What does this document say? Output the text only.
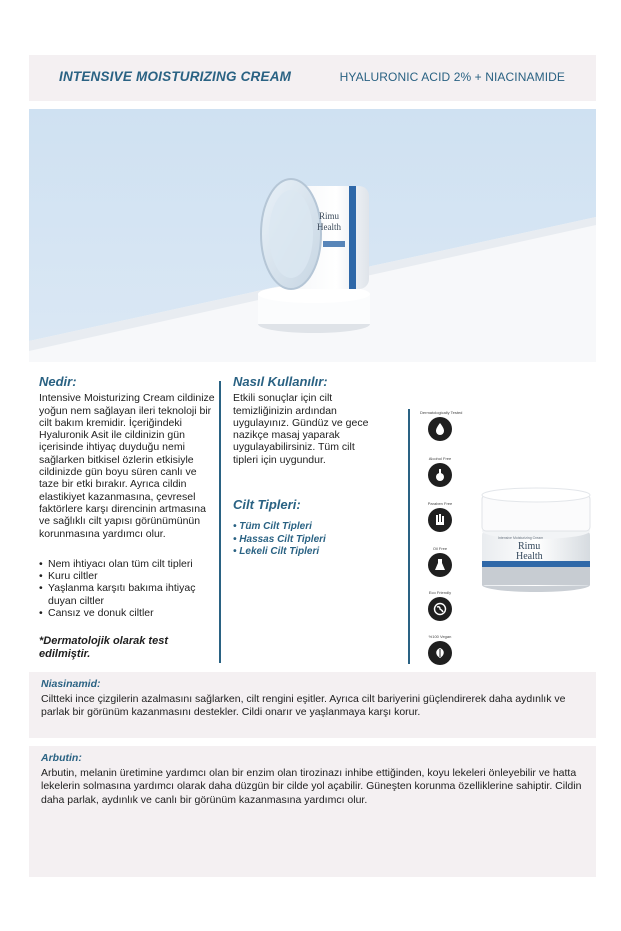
INTENSIVE MOISTURIZING CREAM	HYALURONIC ACID 2% + NIACINAMIDE
Rimu
Health
Nedir:
Intensive Moisturizing Cream cildinize yoğun nem sağlayan ileri teknoloji bir cilt bakım kremidir. İçeriğindeki Hyaluronik Asit ile cildinizin gün içerisinde ihtiyaç duyduğu nemi sağlarken bitkisel özlerin etkisiyle cildinizde gün boyu süren canlı ve taze bir etki bırakır. Ayrıca cildin elastikiyet kazanmasına, çevresel faktörlere karşı direncinin artmasına ve sağlıklı cilt yapısı görünümünün korunmasına yardımcı olur.
• Nem ihtiyacı olan tüm cilt tipleri
• Kuru ciltler
• Yaşlanma karşıtı bakıma ihtiyaç duyan ciltler
• Cansız ve donuk ciltler
*Dermatolojik olarak test edilmiştir.
Nasıl Kullanılır:
Etkili sonuçlar için cilt temizliğinizin ardından uygulayınız. Gündüz ve gece nazikçe masaj yaparak uygulayabilirsiniz. Tüm cilt tipleri için uygundur.
Cilt Tipleri:
• Tüm Cilt Tipleri
• Hassas Cilt Tipleri
• Lekeli Cilt Tipleri
Dermatologically Tested
Alcohol Free
Paraben Free
Oil Free
Eco Friendly
%100 Vegan
Rimu
Health
Intensive Moisturizing Cream
Niasinamid:
Ciltteki ince çizgilerin azalmasını sağlarken, cilt rengini eşitler. Ayrıca cilt bariyerini güçlendirerek daha aydınlık ve parlak bir görünüm kazanmasını destekler. Cildi onarır ve yaşlanmaya karşı korur.
Arbutin:
Arbutin, melanin üretimine yardımcı olan bir enzim olan tirozinazı inhibe ettiğinden, koyu lekeleri önleyebilir ve hatta lekelerin solmasına yardımcı olarak daha düzgün bir cilde yol açabilir. Güneşten korunma özelliklerine sahiptir. Cildin daha parlak, aydınlık ve canlı bir görünüm kazanmasına yardımcı olur.
